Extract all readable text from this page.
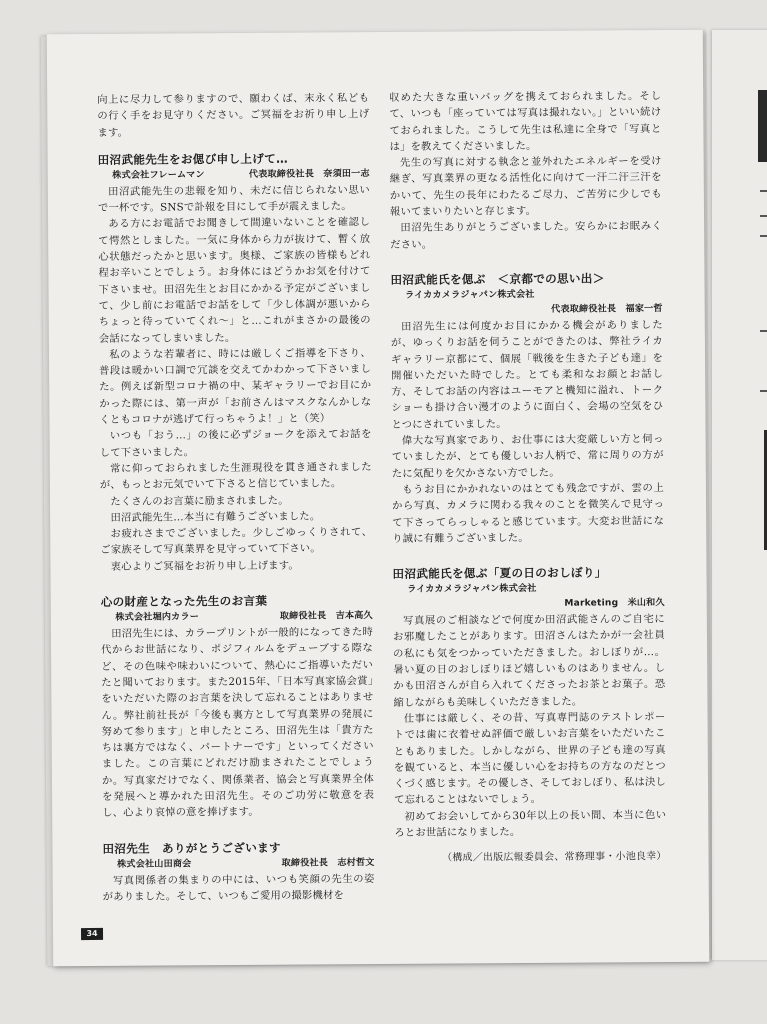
向上に尽力して参りますので、願わくば、末永く私どもの行く手をお見守りください。ご冥福をお祈り申し上げます。

田沼武能先生をお偲び申し上げて…
株式会社フレームマン	代表取締役社長　奈須田一志

田沼武能先生の悲報を知り、未だに信じられない思いで一杯です。SNSで訃報を目にして手が震えました。

ある方にお電話でお聞きして間違いないことを確認して愕然としました。一気に身体から力が抜けて、暫く放心状態だったかと思います。奥様、ご家族の皆様もどれ程お辛いことでしょう。お身体にはどうかお気を付けて下さいませ。田沼先生とお目にかかる予定がございまして、少し前にお電話でお話をして「少し体調が悪いからちょっと待っていてくれ～」と…これがまさかの最後の会話になってしまいました。

私のような若輩者に、時には厳しくご指導を下さり、普段は暖かい口調で冗談を交えてかわかって下さいました。例えば新型コロナ禍の中、某ギャラリーでお目にかかった際には、第一声が「お前さんはマスクなんかしなくともコロナが逃げて行っちゃうよ！」と（笑）

いつも「おう…」の後に必ずジョークを添えてお話をして下さいました。

常に仰っておられました生涯現役を貫き通されましたが、もっとお元気でいて下さると信じていました。

たくさんのお言葉に励まされました。

田沼武能先生…本当に有難うございました。

お疲れさまでございました。少しごゆっくりされて、ご家族そして写真業界を見守っていて下さい。

衷心よりご冥福をお祈り申し上げます。

心の財産となった先生のお言葉
株式会社堀内カラー	取締役社長　吉本高久

田沼先生には、カラープリントが一般的になってきた時代からお世話になり、ポジフィルムをデューブする際など、その色味や味わいについて、熱心にご指導いただいたと聞いております。また2015年、「日本写真家協会賞」をいただいた際のお言葉を決して忘れることはありません。弊社前社長が「今後も裏方として写真業界の発展に努めて参ります」と申したところ、田沼先生は「貴方たちは裏方ではなく、パートナーです」といってくださいました。この言葉にどれだけ励まされたことでしょうか。写真家だけでなく、関係業者、協会と写真業界全体を発展へと導かれた田沼先生。そのご功労に敬意を表し、心より哀悼の意を捧げます。

田沼先生　ありがとうございます
株式会社山田商会	取締役社長　志村哲文

写真関係者の集まりの中には、いつも笑顔の先生の姿がありました。そして、いつもご愛用の撮影機材を

収めた大きな重いバッグを携えておられました。そして、いつも「座っていては写真は撮れない。」といい続けておられました。こうして先生は私達に全身で「写真とは」を教えてくださいました。

先生の写真に対する執念と並外れたエネルギーを受け継ぎ、写真業界の更なる活性化に向けて一汗二汗三汗をかいて、先生の長年にわたるご尽力、ご苦労に少しでも報いてまいりたいと存じます。

田沼先生ありがとうございました。安らかにお眠みください。

田沼武能氏を偲ぶ　＜京都での思い出＞
ライカカメラジャパン株式会社
代表取締役社長　福家一哲

田沼先生には何度かお目にかかる機会がありましたが、ゆっくりお話を伺うことができたのは、弊社ライカギャラリー京都にて、個展「戦後を生きた子ども達」を開催いただいた時でした。とても柔和なお顔とお話し方、そしてお話の内容はユーモアと機知に溢れ、トークショーも掛け合い漫才のように面白く、会場の空気をひとつにされていました。

偉大な写真家であり、お仕事には大変厳しい方と伺っていましたが、とても優しいお人柄で、常に周りの方がたに気配りを欠かさない方でした。

もうお目にかかれないのはとても残念ですが、雲の上から写真、カメラに関わる我々のことを微笑んで見守って下さってらっしゃると感じています。大変お世話になり誠に有難うございました。

田沼武能氏を偲ぶ「夏の日のおしぼり」
ライカカメラジャパン株式会社
Marketing　米山和久

写真展のご相談などで何度か田沼武能さんのご自宅にお邪魔したことがあります。田沼さんはたかが一会社員の私にも気をつかっていただきました。おしぼりが…。暑い夏の日のおしぼりほど嬉しいものはありません。しかも田沼さんが自ら入れてくださったお茶とお菓子。恐縮しながらも美味しくいただきました。

仕事には厳しく、その昔、写真専門誌のテストレポートでは歯に衣着せぬ評価で厳しいお言葉をいただいたこともありました。しかしながら、世界の子ども達の写真を観ていると、本当に優しい心をお持ちの方なのだとつくづく感じます。その優しさ、そしておしぼり、私は決して忘れることはないでしょう。

初めてお会いしてから30年以上の長い間、本当に色いろとお世話になりました。

（構成／出版広報委員会、常務理事・小池良幸）

34
